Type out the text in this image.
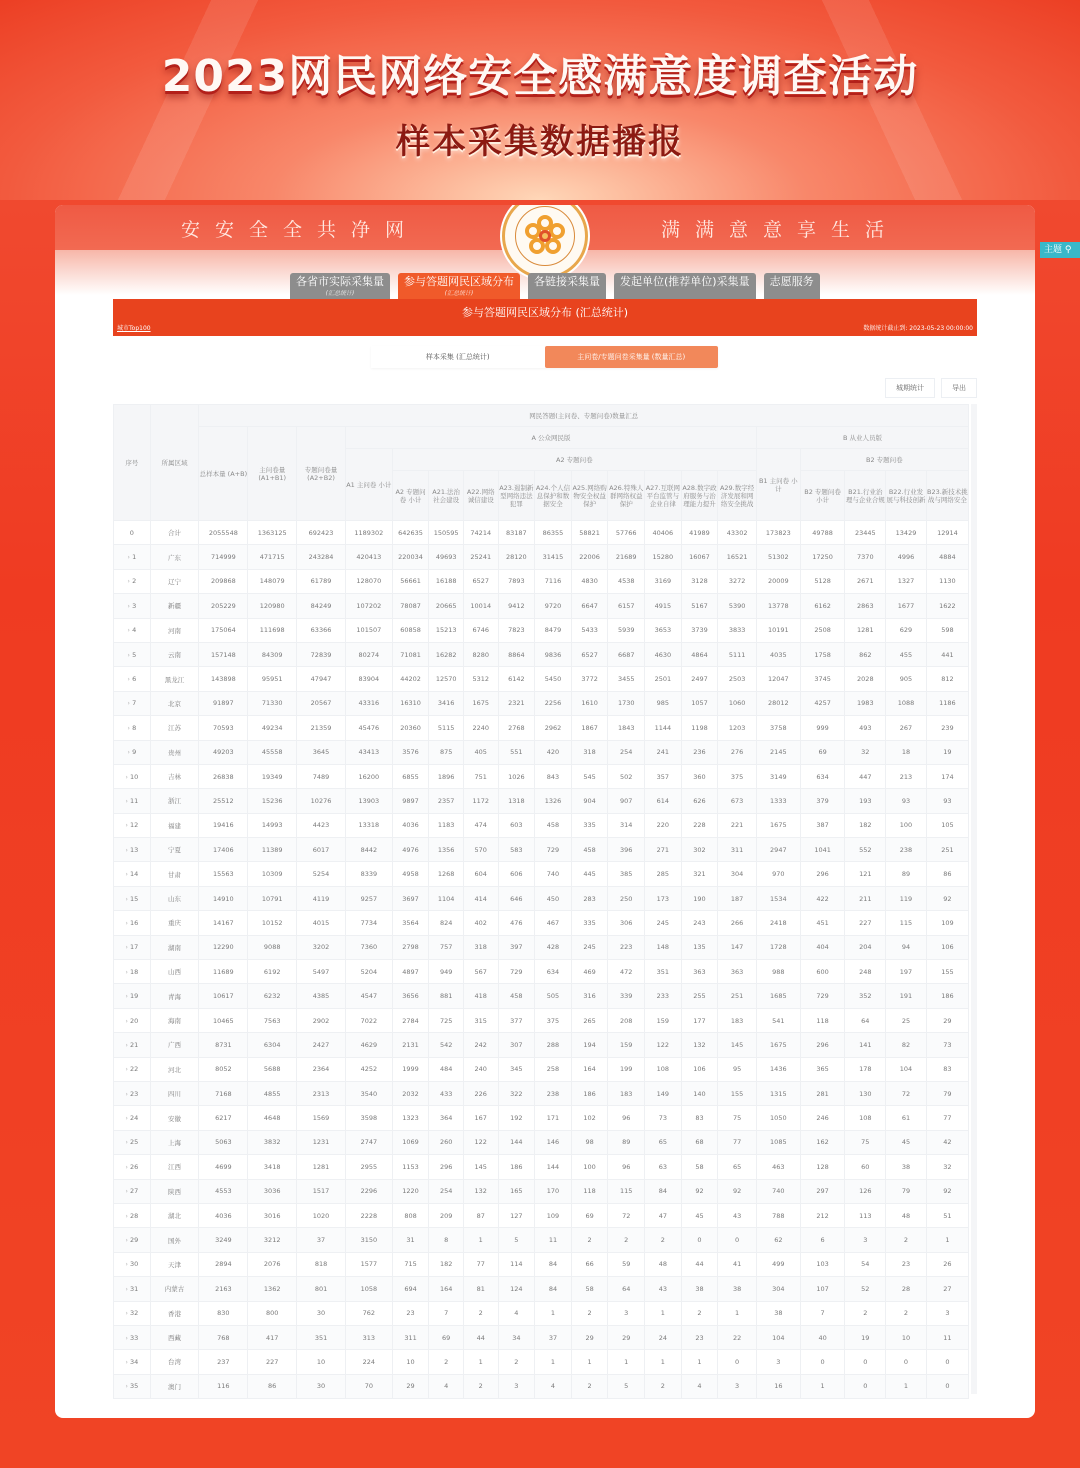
2023网民网络安全感满意度调查活动
样本采集数据播报
主题 ⚲
安安全全共净网	满满意意享生活
各省市实际采集量
(汇总统计)
参与答题网民区域分布
(汇总统计)
各链接采集量 发起单位(推荐单位)采集量 志愿服务
参与答题网民区域分布 (汇总统计)
城市Top100	数据统计截止到: 2023-05-23 00:00:00
样本采集 (汇总统计)	主问卷/专题问卷采集量 (数量汇总)
城期统计	导出
序号	所属区域	网民答题(主问卷、专题问卷)数量汇总																		
		总样本量 (A+B)	主问卷量 (A1+B1)	专题问卷量 (A2+B2)	A 公众网民版											B 从业人员版				
					A1 主问卷 小计	A2 专题问卷										B1 主问卷 小计	B2 专题问卷			
						A2 专题问卷 小计	A21.法治社会建设	A22.网络诚信建设	A23.遏制新型网络违法犯罪	A24.个人信息保护和数据安全	A25.网络购物安全权益保护	A26.特殊人群网络权益保护	A27.互联网平台监管与企业自律	A28.数字政府服务与治理能力提升	A29.数字经济发展和网络安全挑战		B2 专题问卷 小计	B21.行业治理与企业合规	B22.行业发展与科技创新	B23.新技术挑战与网络安全
0	合计	2055548	1363125	692423	1189302	642635	150595	74214	83187	86355	58821	57766	40406	41989	43302	173823	49788	23445	13429	12914
› 1	广东	714999	471715	243284	420413	220034	49693	25241	28120	31415	22006	21689	15280	16067	16521	51302	17250	7370	4996	4884
› 2	辽宁	209868	148079	61789	128070	56661	16188	6527	7893	7116	4830	4538	3169	3128	3272	20009	5128	2671	1327	1130
› 3	新疆	205229	120980	84249	107202	78087	20665	10014	9412	9720	6647	6157	4915	5167	5390	13778	6162	2863	1677	1622
› 4	河南	175064	111698	63366	101507	60858	15213	6746	7823	8479	5433	5939	3653	3739	3833	10191	2508	1281	629	598
› 5	云南	157148	84309	72839	80274	71081	16282	8280	8864	9836	6527	6687	4630	4864	5111	4035	1758	862	455	441
› 6	黑龙江	143898	95951	47947	83904	44202	12570	5312	6142	5450	3772	3455	2501	2497	2503	12047	3745	2028	905	812
› 7	北京	91897	71330	20567	43316	16310	3416	1675	2321	2256	1610	1730	985	1057	1060	28012	4257	1983	1088	1186
› 8	江苏	70593	49234	21359	45476	20360	5115	2240	2768	2962	1867	1843	1144	1198	1203	3758	999	493	267	239
› 9	贵州	49203	45558	3645	43413	3576	875	405	551	420	318	254	241	236	276	2145	69	32	18	19
› 10	吉林	26838	19349	7489	16200	6855	1896	751	1026	843	545	502	357	360	375	3149	634	447	213	174
› 11	浙江	25512	15236	10276	13903	9897	2357	1172	1318	1326	904	907	614	626	673	1333	379	193	93	93
› 12	福建	19416	14993	4423	13318	4036	1183	474	603	458	335	314	220	228	221	1675	387	182	100	105
› 13	宁夏	17406	11389	6017	8442	4976	1356	570	583	729	458	396	271	302	311	2947	1041	552	238	251
› 14	甘肃	15563	10309	5254	8339	4958	1268	604	606	740	445	385	285	321	304	970	296	121	89	86
› 15	山东	14910	10791	4119	9257	3697	1104	414	646	450	283	250	173	190	187	1534	422	211	119	92
› 16	重庆	14167	10152	4015	7734	3564	824	402	476	467	335	306	245	243	266	2418	451	227	115	109
› 17	湖南	12290	9088	3202	7360	2798	757	318	397	428	245	223	148	135	147	1728	404	204	94	106
› 18	山西	11689	6192	5497	5204	4897	949	567	729	634	469	472	351	363	363	988	600	248	197	155
› 19	青海	10617	6232	4385	4547	3656	881	418	458	505	316	339	233	255	251	1685	729	352	191	186
› 20	海南	10465	7563	2902	7022	2784	725	315	377	375	265	208	159	177	183	541	118	64	25	29
› 21	广西	8731	6304	2427	4629	2131	542	242	307	288	194	159	122	132	145	1675	296	141	82	73
› 22	河北	8052	5688	2364	4252	1999	484	240	345	258	164	199	108	106	95	1436	365	178	104	83
› 23	四川	7168	4855	2313	3540	2032	433	226	322	238	186	183	149	140	155	1315	281	130	72	79
› 24	安徽	6217	4648	1569	3598	1323	364	167	192	171	102	96	73	83	75	1050	246	108	61	77
› 25	上海	5063	3832	1231	2747	1069	260	122	144	146	98	89	65	68	77	1085	162	75	45	42
› 26	江西	4699	3418	1281	2955	1153	296	145	186	144	100	96	63	58	65	463	128	60	38	32
› 27	陕西	4553	3036	1517	2296	1220	254	132	165	170	118	115	84	92	92	740	297	126	79	92
› 28	湖北	4036	3016	1020	2228	808	209	87	127	109	69	72	47	45	43	788	212	113	48	51
› 29	国外	3249	3212	37	3150	31	8	1	5	11	2	2	2	0	0	62	6	3	2	1
› 30	天津	2894	2076	818	1577	715	182	77	114	84	66	59	48	44	41	499	103	54	23	26
› 31	内蒙古	2163	1362	801	1058	694	164	81	124	84	58	64	43	38	38	304	107	52	28	27
› 32	香港	830	800	30	762	23	7	2	4	1	2	3	1	2	1	38	7	2	2	3
› 33	西藏	768	417	351	313	311	69	44	34	37	29	29	24	23	22	104	40	19	10	11
› 34	台湾	237	227	10	224	10	2	1	2	1	1	1	1	1	0	3	0	0	0	0
› 35	澳门	116	86	30	70	29	4	2	3	4	2	5	2	4	3	16	1	0	1	0
